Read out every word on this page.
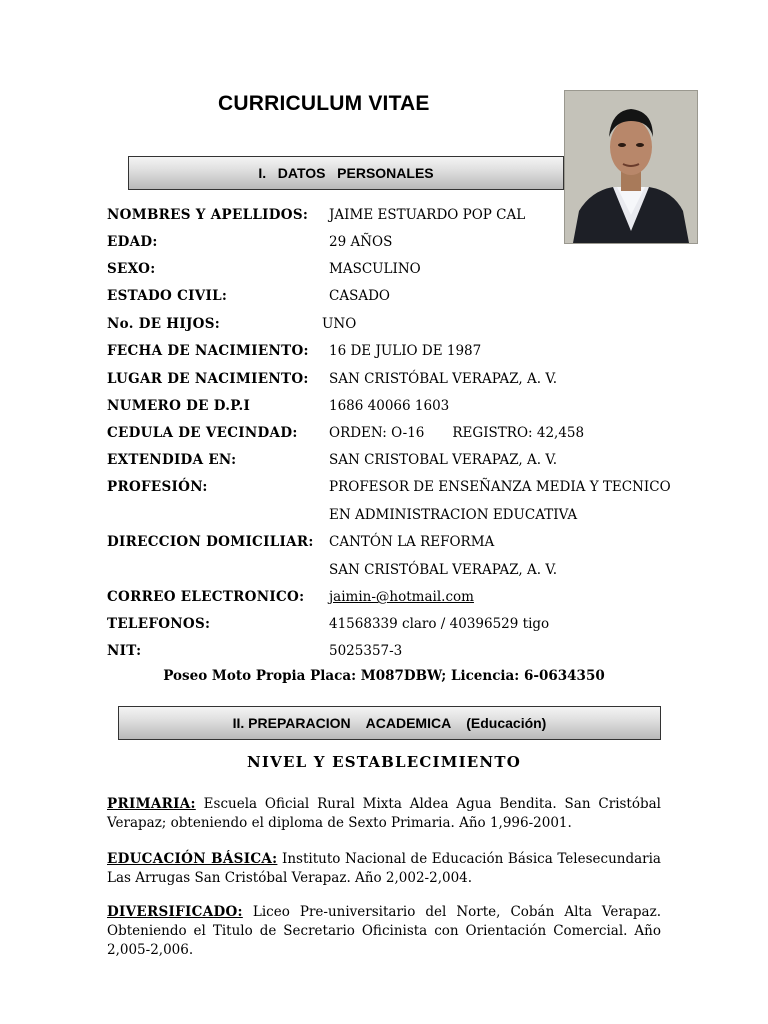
CURRICULUM VITAE
I.   DATOS   PERSONALES
NOMBRES Y APELLIDOS: JAIME ESTUARDO POP CAL
EDAD:	29 AÑOS
SEXO:	MASCULINO
ESTADO CIVIL:	CASADO
No. DE HIJOS:	UNO
FECHA DE NACIMIENTO: 16 DE JULIO DE 1987
LUGAR DE NACIMIENTO: SAN CRISTÓBAL VERAPAZ, A. V.
NUMERO DE D.P.I	1686 40066 1603
CEDULA DE VECINDAD: ORDEN: O-16 REGISTRO: 42,458
EXTENDIDA EN:	SAN CRISTOBAL VERAPAZ, A. V.
PROFESIÓN:	PROFESOR DE ENSEÑANZA MEDIA Y TECNICO
EN ADMINISTRACION EDUCATIVA
DIRECCION DOMICILIAR: CANTÓN LA REFORMA
SAN CRISTÓBAL VERAPAZ, A. V.
CORREO ELECTRONICO: jaimin-@hotmail.com
TELEFONOS:	41568339 claro / 40396529 tigo
NIT:	5025357-3
Poseo Moto Propia Placa: M087DBW; Licencia: 6-0634350
II. PREPARACION    ACADEMICA    (Educación)
NIVEL Y ESTABLECIMIENTO
PRIMARIA: Escuela Oficial Rural Mixta Aldea Agua Bendita. San Cristóbal Verapaz; obteniendo el diploma de Sexto Primaria. Año 1,996-2001.
EDUCACIÓN BÁSICA: Instituto Nacional de Educación Básica Telesecundaria Las Arrugas San Cristóbal Verapaz. Año 2,002-2,004.
DIVERSIFICADO: Liceo Pre-universitario del Norte, Cobán Alta Verapaz. Obteniendo el Titulo de Secretario Oficinista con Orientación Comercial. Año 2,005-2,006.
